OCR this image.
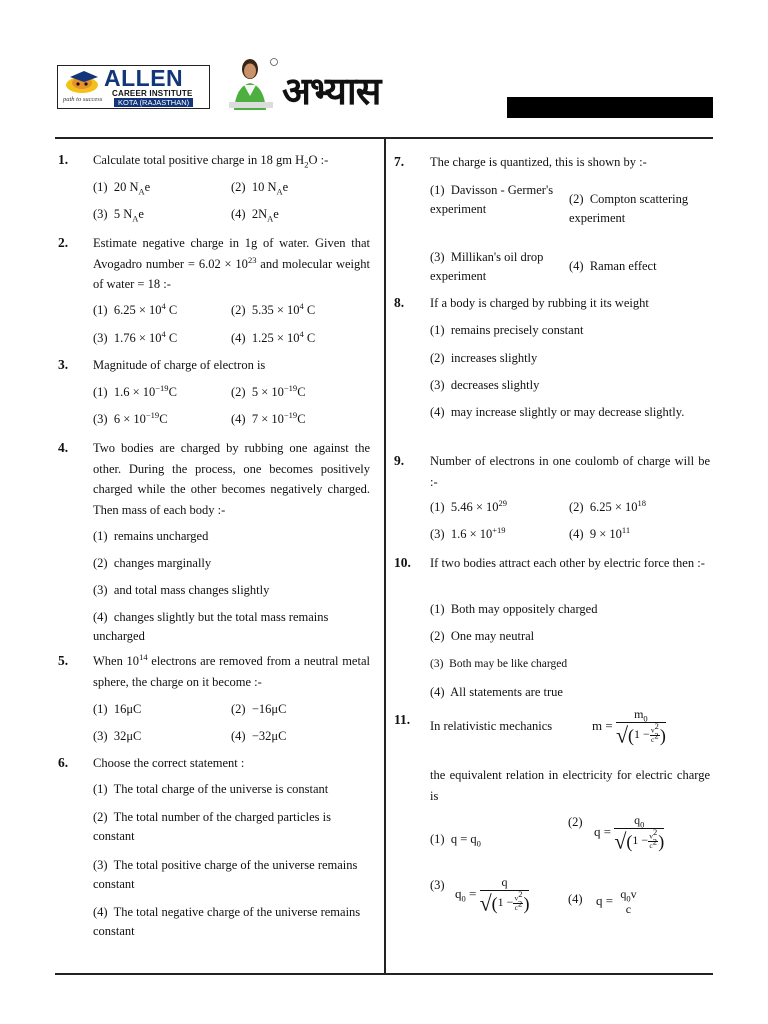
ALLEN
CAREER INSTITUTE
KOTA (RAJASTHAN)
path to success	अभ्यास
1. Calculate total positive charge in 18 gm $H_2O$ :-
(1) 20 $N_Ae$	(2) 10 $N_Ae$
(3) 5 $N_Ae$	(4) $2N_Ae$
2. Estimate negative charge in 1g of water. Given that Avogadro number = $6.02 \times 10^{23}$ and molecular weight of water = 18 :-
(1) $6.25 \times 10^4$ C	(2) $5.35 \times 10^4$ C
(3) $1.76 \times 10^4$ C	(4) $1.25 \times 10^4$ C
3. Magnitude of charge of electron is
(1) $1.6 \times 10^{-19}C$	(2) $5 \times 10^{-19}C$
(3) $6 \times 10^{-19}C$	(4) $7 \times 10^{-19}C$
4. Two bodies are charged by rubbing one against the other. During the process, one becomes positively charged while the other becomes negatively charged. Then mass of each body :-
(1) remains uncharged
(2) changes marginally
(3) and total mass changes slightly
(4) changes slightly but the total mass remains uncharged
5. When $10^{14}$ electrons are removed from a neutral metal sphere, the charge on it become :-
(1) 16μC	(2) −16μC
(3) 32μC	(4) −32μC
6. Choose the correct statement :
(1) The total charge of the universe is constant
(2) The total number of the charged particles is constant
(3) The total positive charge of the universe remains constant
(4) The total negative charge of the universe remains constant
7. The charge is quantized, this is shown by :-
(1) Davisson - Germer's experiment
(2) Compton scattering experiment
(3) Millikan's oil drop experiment
(4) Raman effect
8. If a body is charged by rubbing it its weight
(1) remains precisely constant
(2) increases slightly
(3) decreases slightly
(4) may increase slightly or may decrease slightly.
9. Number of electrons in one coulomb of charge will be :-
(1) $5.46 \times 10^{29}$	(2) $6.25 \times 10^{18}$
(3) $1.6 \times 10^{+19}$	(4) $9 \times 10^{11}$
10. If two bodies attract each other by electric force then :-
(1) Both may oppositely charged
(2) One may neutral
(3) Both may be like charged
(4) All statements are true
11. In relativistic mechanics	$m = \frac{m_0}{√(1 - \frac{v^2}{c^2})}$
the equivalent relation in electricity for electric charge is
(1) $q = q_0$
(2)
$q = \frac{q_0}{√(1 - \frac{v^2}{c^2})}$
(3)
$q_0 = \frac{q}{√(1 - \frac{v^2}{c^2})}$	(4) $q = q_0v$
c
